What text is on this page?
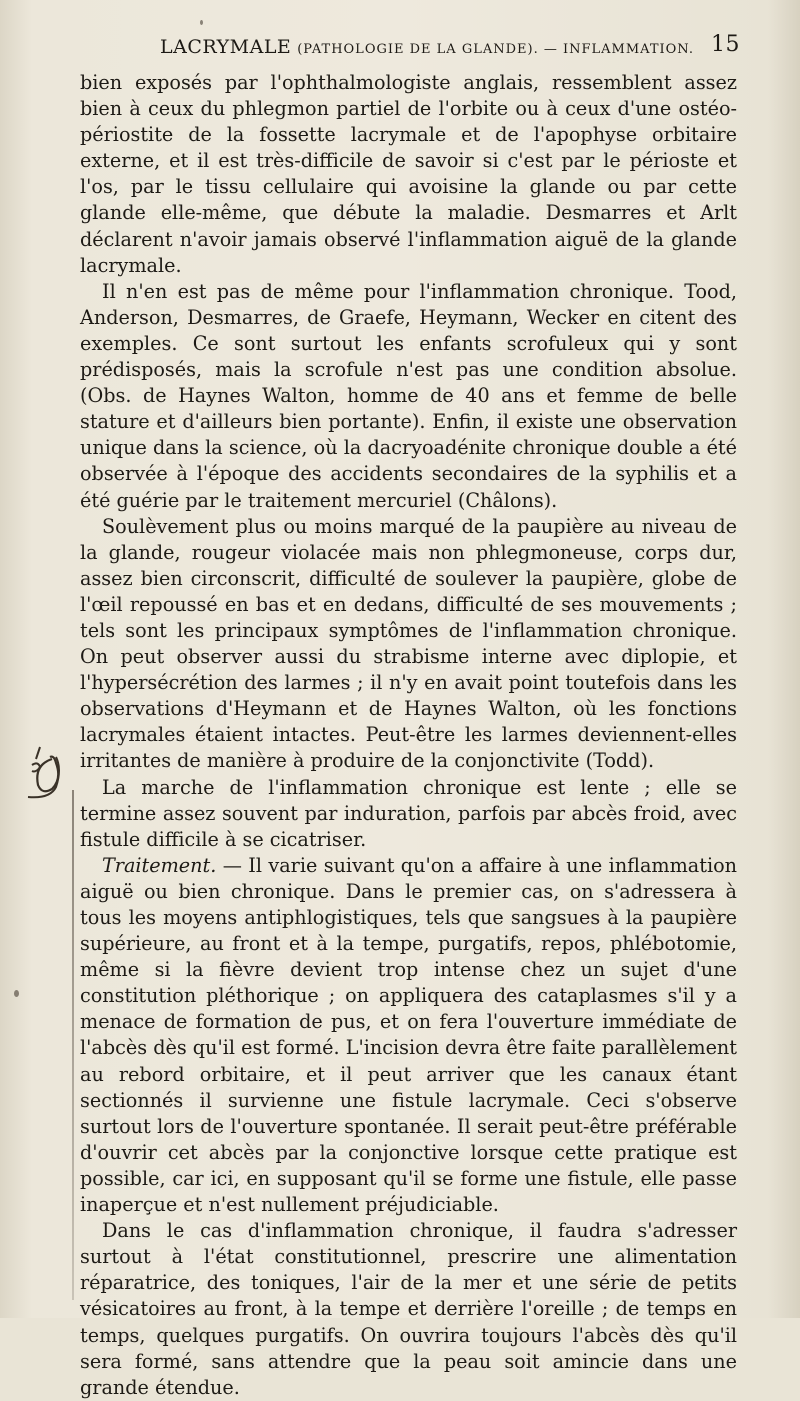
LACRYMALE (PATHOLOGIE DE LA GLANDE). — INFLAMMATION. 15

bien exposés par l'ophthalmologiste anglais, ressemblent assez bien à ceux du phlegmon partiel de l'orbite ou à ceux d'une ostéo-périostite de la fossette lacrymale et de l'apophyse orbitaire externe, et il est très-difficile de savoir si c'est par le périoste et l'os, par le tissu cellulaire qui avoisine la glande ou par cette glande elle-même, que débute la maladie. Desmarres et Arlt déclarent n'avoir jamais observé l'inflammation aiguë de la glande lacrymale.

Il n'en est pas de même pour l'inflammation chronique. Tood, Anderson, Desmarres, de Graefe, Heymann, Wecker en citent des exemples. Ce sont surtout les enfants scrofuleux qui y sont prédisposés, mais la scrofule n'est pas une condition absolue. (Obs. de Haynes Walton, homme de 40 ans et femme de belle stature et d'ailleurs bien portante). Enfin, il existe une observation unique dans la science, où la dacryoadénite chronique double a été observée à l'époque des accidents secondaires de la syphilis et a été guérie par le traitement mercuriel (Châlons).

Soulèvement plus ou moins marqué de la paupière au niveau de la glande, rougeur violacée mais non phlegmoneuse, corps dur, assez bien circonscrit, difficulté de soulever la paupière, globe de l'œil repoussé en bas et en dedans, difficulté de ses mouvements ; tels sont les principaux symptômes de l'inflammation chronique. On peut observer aussi du strabisme interne avec diplopie, et l'hypersécrétion des larmes ; il n'y en avait point toutefois dans les observations d'Heymann et de Haynes Walton, où les fonctions lacrymales étaient intactes. Peut-être les larmes deviennent-elles irritantes de manière à produire de la conjonctivite (Todd).

La marche de l'inflammation chronique est lente ; elle se termine assez souvent par induration, parfois par abcès froid, avec fistule difficile à se cicatriser.

Traitement. — Il varie suivant qu'on a affaire à une inflammation aiguë ou bien chronique. Dans le premier cas, on s'adressera à tous les moyens antiphlogistiques, tels que sangsues à la paupière supérieure, au front et à la tempe, purgatifs, repos, phlébotomie, même si la fièvre devient trop intense chez un sujet d'une constitution pléthorique ; on appliquera des cataplasmes s'il y a menace de formation de pus, et on fera l'ouverture immédiate de l'abcès dès qu'il est formé. L'incision devra être faite parallèlement au rebord orbitaire, et il peut arriver que les canaux étant sectionnés il survienne une fistule lacrymale. Ceci s'observe surtout lors de l'ouverture spontanée. Il serait peut-être préférable d'ouvrir cet abcès par la conjonctive lorsque cette pratique est possible, car ici, en supposant qu'il se forme une fistule, elle passe inaperçue et n'est nullement préjudiciable.

Dans le cas d'inflammation chronique, il faudra s'adresser surtout à l'état constitutionnel, prescrire une alimentation réparatrice, des toniques, l'air de la mer et une série de petits vésicatoires au front, à la tempe et derrière l'oreille ; de temps en temps, quelques purgatifs. On ouvrira toujours l'abcès dès qu'il sera formé, sans attendre que la peau soit amincie dans une grande étendue.
